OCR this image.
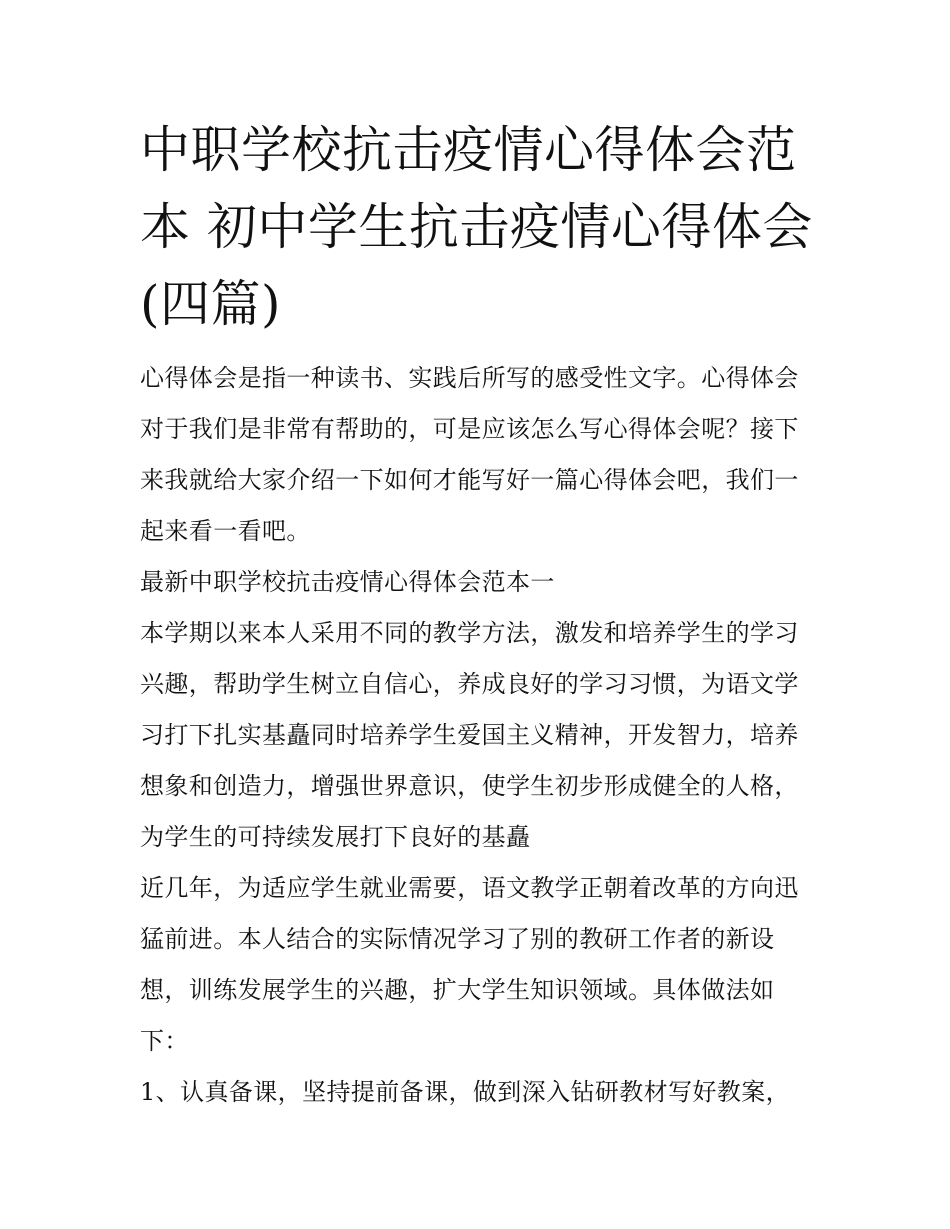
中职学校抗击疫情心得体会范本 初中学生抗击疫情心得体会(四篇)

心得体会是指一种读书、实践后所写的感受性文字。心得体会对于我们是非常有帮助的，可是应该怎么写心得体会呢？接下来我就给大家介绍一下如何才能写好一篇心得体会吧，我们一起来看一看吧。

最新中职学校抗击疫情心得体会范本一

本学期以来本人采用不同的教学方法，激发和培养学生的学习兴趣，帮助学生树立自信心，养成良好的学习习惯，为语文学习打下扎实基矗同时培养学生爱国主义精神，开发智力，培养想象和创造力，增强世界意识，使学生初步形成健全的人格，为学生的可持续发展打下良好的基矗

近几年，为适应学生就业需要，语文教学正朝着改革的方向迅猛前进。本人结合的实际情况学习了别的教研工作者的新设想，训练发展学生的兴趣，扩大学生知识领域。具体做法如下：

1、认真备课，坚持提前备课，做到深入钻研教材写好教案，
